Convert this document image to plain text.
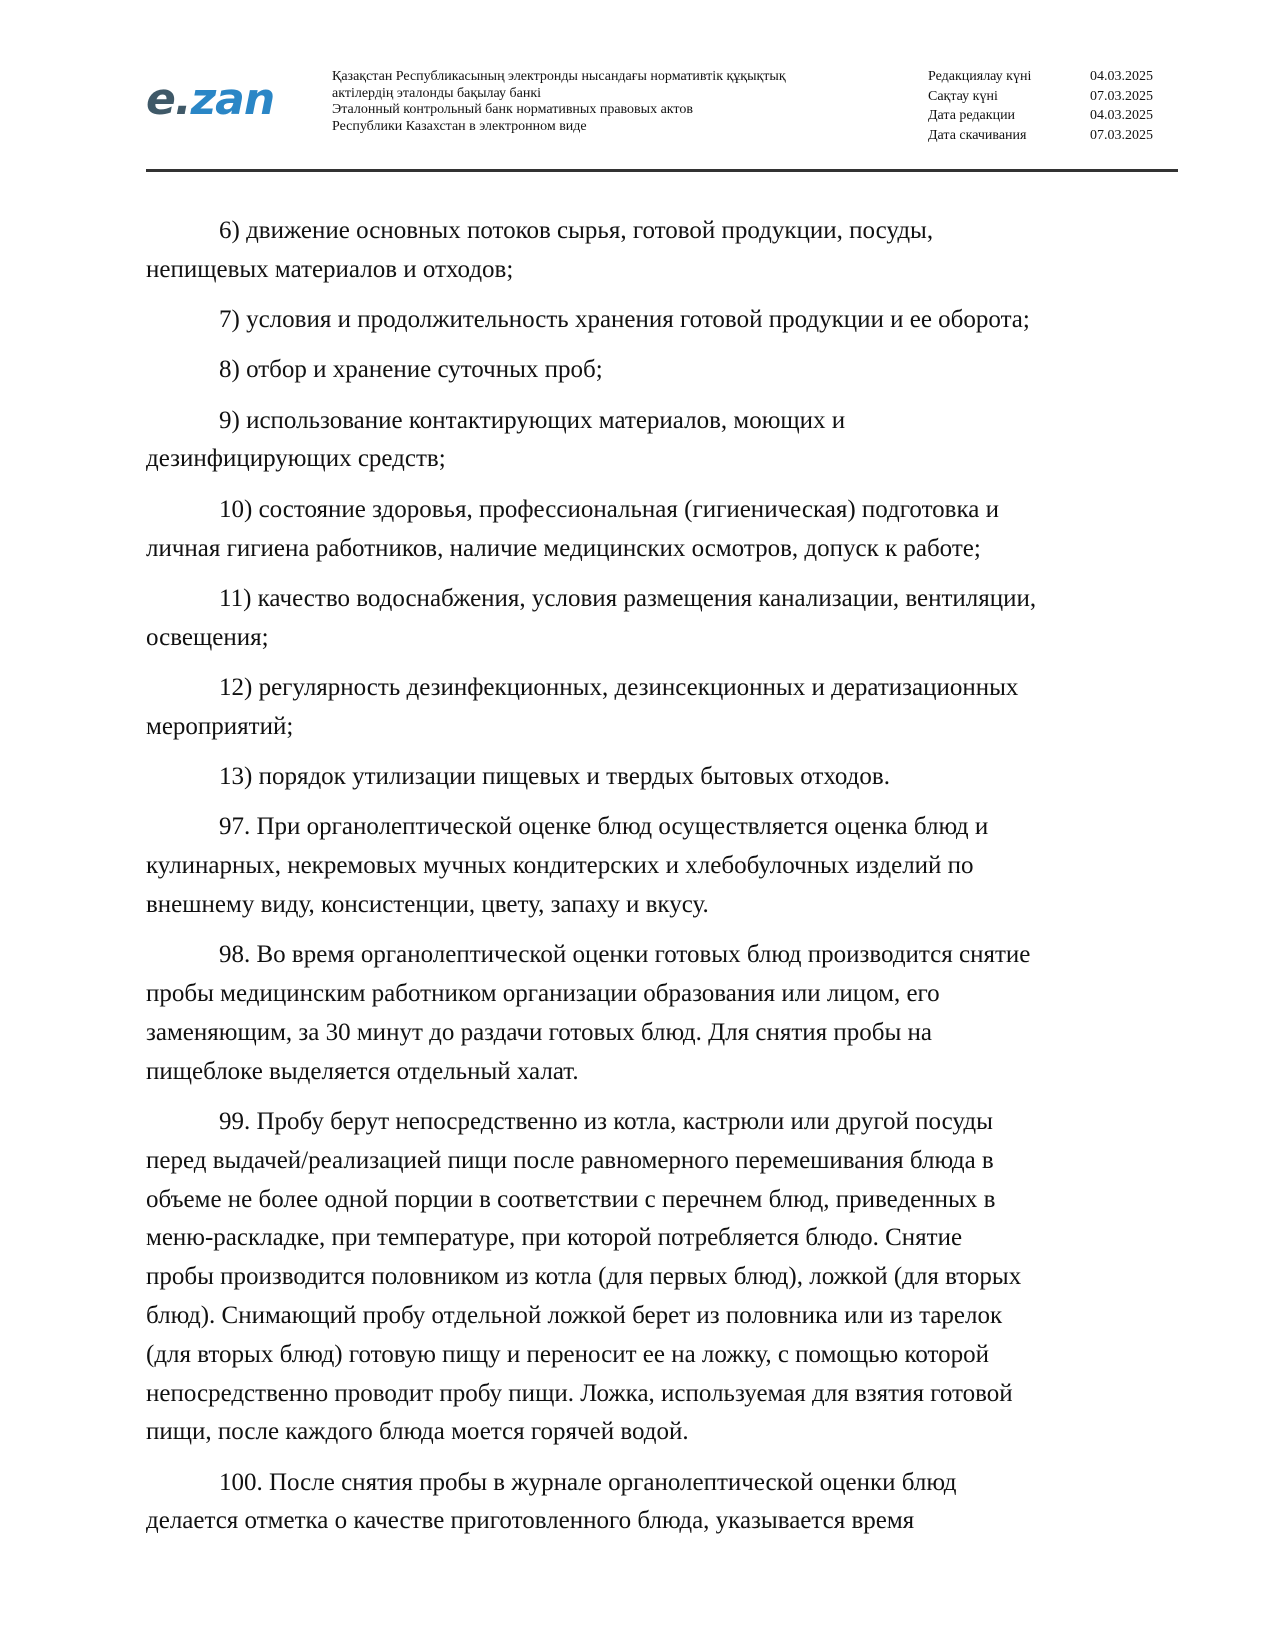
e.zan	Қазақстан Республикасының электронды нысандағы нормативтік құқықтық
актілердің эталонды бақылау банкі
Эталонный контрольный банк нормативных правовых актов
Республики Казахстан в электронном виде
Редакциялау күні	04.03.2025
Сақтау күні	07.03.2025
Дата редакции	04.03.2025
Дата скачивания	07.03.2025

6) движение основных потоков сырья, готовой продукции, посуды,

непищевых материалов и отходов;

7) условия и продолжительность хранения готовой продукции и ее оборота;

8) отбор и хранение суточных проб;

9) использование контактирующих материалов, моющих и

дезинфицирующих средств;

10) состояние здоровья, профессиональная (гигиеническая) подготовка и

личная гигиена работников, наличие медицинских осмотров, допуск к работе;

11) качество водоснабжения, условия размещения канализации, вентиляции,

освещения;

12) регулярность дезинфекционных, дезинсекционных и дератизационных

мероприятий;

13) порядок утилизации пищевых и твердых бытовых отходов.

97. При органолептической оценке блюд осуществляется оценка блюд и

кулинарных, некремовых мучных кондитерских и хлебобулочных изделий по
внешнему виду, консистенции, цвету, запаху и вкусу.

98. Во время органолептической оценки готовых блюд производится снятие

пробы медицинским работником организации образования или лицом, его
заменяющим, за 30 минут до раздачи готовых блюд. Для снятия пробы на
пищеблоке выделяется отдельный халат.

99. Пробу берут непосредственно из котла, кастрюли или другой посуды

перед выдачей/реализацией пищи после равномерного перемешивания блюда в
объеме не более одной порции в соответствии с перечнем блюд, приведенных в
меню-раскладке, при температуре, при которой потребляется блюдо. Снятие
пробы производится половником из котла (для первых блюд), ложкой (для вторых
блюд). Снимающий пробу отдельной ложкой берет из половника или из тарелок
(для вторых блюд) готовую пищу и переносит ее на ложку, с помощью которой
непосредственно проводит пробу пищи. Ложка, используемая для взятия готовой
пищи, после каждого блюда моется горячей водой.

100. После снятия пробы в журнале органолептической оценки блюд

делается отметка о качестве приготовленного блюда, указывается время
